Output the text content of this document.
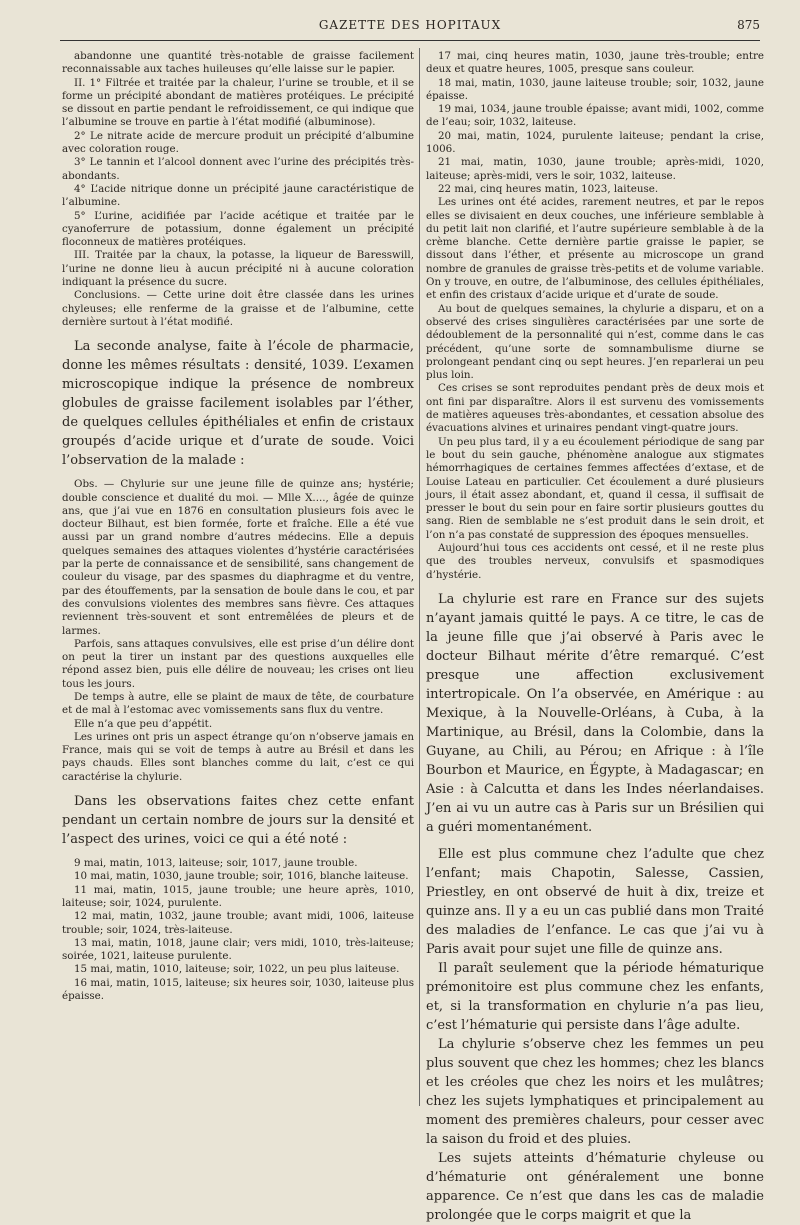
GAZETTE DES HOPITAUX	875

abandonne une quantité très-notable de graisse facilement reconnaissable aux taches huileuses qu’elle laisse sur le papier.

II. 1° Filtrée et traitée par la chaleur, l’urine se trouble, et il se forme un précipité abondant de matières protéiques. Le précipité se dissout en partie pendant le refroidissement, ce qui indique que l’albumine se trouve en partie à l’état modifié (albuminose).

2° Le nitrate acide de mercure produit un précipité d’albumine avec coloration rouge.

3° Le tannin et l’alcool donnent avec l’urine des précipités très-abondants.

4° L’acide nitrique donne un précipité jaune caractéristique de l’albumine.

5° L’urine, acidifiée par l’acide acétique et traitée par le cyanoferrure de potassium, donne également un précipité floconneux de matières protéiques.

III. Traitée par la chaux, la potasse, la liqueur de Baresswill, l’urine ne donne lieu à aucun précipité ni à aucune coloration indiquant la présence du sucre.

Conclusions. — Cette urine doit être classée dans les urines chyleuses; elle renferme de la graisse et de l’albumine, cette dernière surtout à l’état modifié.

La seconde analyse, faite à l’école de pharmacie, donne les mêmes résultats : densité, 1039. L’examen microscopique indique la présence de nombreux globules de graisse facilement isolables par l’éther, de quelques cellules épithéliales et enfin de cristaux groupés d’acide urique et d’urate de soude. Voici l’observation de la malade :

Obs. — Chylurie sur une jeune fille de quinze ans; hystérie; double conscience et dualité du moi. — Mlle X...., âgée de quinze ans, que j’ai vue en 1876 en consultation plusieurs fois avec le docteur Bilhaut, est bien formée, forte et fraîche. Elle a été vue aussi par un grand nombre d’autres médecins. Elle a depuis quelques semaines des attaques violentes d’hystérie caractérisées par la perte de connaissance et de sensibilité, sans changement de couleur du visage, par des spasmes du diaphragme et du ventre, par des étouffements, par la sensation de boule dans le cou, et par des convulsions violentes des membres sans fièvre. Ces attaques reviennent très-souvent et sont entremêlées de pleurs et de larmes.

Parfois, sans attaques convulsives, elle est prise d’un délire dont on peut la tirer un instant par des questions auxquelles elle répond assez bien, puis elle délire de nouveau; les crises ont lieu tous les jours.

De temps à autre, elle se plaint de maux de tête, de courbature et de mal à l’estomac avec vomissements sans flux du ventre.

Elle n’a que peu d’appétit.

Les urines ont pris un aspect étrange qu’on n’observe jamais en France, mais qui se voit de temps à autre au Brésil et dans les pays chauds. Elles sont blanches comme du lait, c’est ce qui caractérise la chylurie.

Dans les observations faites chez cette enfant pendant un certain nombre de jours sur la densité et l’aspect des urines, voici ce qui a été noté :

9 mai, matin, 1013, laiteuse; soir, 1017, jaune trouble.

10 mai, matin, 1030, jaune trouble; soir, 1016, blanche laiteuse.

11 mai, matin, 1015, jaune trouble; une heure après, 1010, laiteuse; soir, 1024, purulente.

12 mai, matin, 1032, jaune trouble; avant midi, 1006, laiteuse trouble; soir, 1024, très-laiteuse.

13 mai, matin, 1018, jaune clair; vers midi, 1010, très-laiteuse; soirée, 1021, laiteuse purulente.

15 mai, matin, 1010, laiteuse; soir, 1022, un peu plus laiteuse.

16 mai, matin, 1015, laiteuse; six heures soir, 1030, laiteuse plus épaisse.

17 mai, cinq heures matin, 1030, jaune très-trouble; entre deux et quatre heures, 1005, presque sans couleur.

18 mai, matin, 1030, jaune laiteuse trouble; soir, 1032, jaune épaisse.

19 mai, 1034, jaune trouble épaisse; avant midi, 1002, comme de l’eau; soir, 1032, laiteuse.

20 mai, matin, 1024, purulente laiteuse; pendant la crise, 1006.

21 mai, matin, 1030, jaune trouble; après-midi, 1020, laiteuse; après-midi, vers le soir, 1032, laiteuse.

22 mai, cinq heures matin, 1023, laiteuse.

Les urines ont été acides, rarement neutres, et par le repos elles se divisaient en deux couches, une inférieure semblable à du petit lait non clarifié, et l’autre supérieure semblable à de la crème blanche. Cette dernière partie graisse le papier, se dissout dans l’éther, et présente au microscope un grand nombre de granules de graisse très-petits et de volume variable. On y trouve, en outre, de l’albuminose, des cellules épithéliales, et enfin des cristaux d’acide urique et d’urate de soude.

Au bout de quelques semaines, la chylurie a disparu, et on a observé des crises singulières caractérisées par une sorte de dédoublement de la personnalité qui n’est, comme dans le cas précédent, qu’une sorte de somnambulisme diurne se prolongeant pendant cinq ou sept heures. J’en reparlerai un peu plus loin.

Ces crises se sont reproduites pendant près de deux mois et ont fini par disparaître. Alors il est survenu des vomissements de matières aqueuses très-abondantes, et cessation absolue des évacuations alvines et urinaires pendant vingt-quatre jours.

Un peu plus tard, il y a eu écoulement périodique de sang par le bout du sein gauche, phénomène analogue aux stigmates hémorrhagiques de certaines femmes affectées d’extase, et de Louise Lateau en particulier. Cet écoulement a duré plusieurs jours, il était assez abondant, et, quand il cessa, il suffisait de presser le bout du sein pour en faire sortir plusieurs gouttes du sang. Rien de semblable ne s’est produit dans le sein droit, et l’on n’a pas constaté de suppression des époques mensuelles.

Aujourd’hui tous ces accidents ont cessé, et il ne reste plus que des troubles nerveux, convulsifs et spasmodiques d’hystérie.

La chylurie est rare en France sur des sujets n’ayant jamais quitté le pays. A ce titre, le cas de la jeune fille que j’ai observé à Paris avec le docteur Bilhaut mérite d’être remarqué. C’est presque une affection exclusivement intertropicale. On l’a observée, en Amérique : au Mexique, à la Nouvelle-Orléans, à Cuba, à la Martinique, au Brésil, dans la Colombie, dans la Guyane, au Chili, au Pérou; en Afrique : à l’île Bourbon et Maurice, en Égypte, à Madagascar; en Asie : à Calcutta et dans les Indes néerlandaises. J’en ai vu un autre cas à Paris sur un Brésilien qui a guéri momentanément.

Elle est plus commune chez l’adulte que chez l’enfant; mais Chapotin, Salesse, Cassien, Priestley, en ont observé de huit à dix, treize et quinze ans. Il y a eu un cas publié dans mon Traité des maladies de l’enfance. Le cas que j’ai vu à Paris avait pour sujet une fille de quinze ans.

Il paraît seulement que la période hématurique prémonitoire est plus commune chez les enfants, et, si la transformation en chylurie n’a pas lieu, c’est l’hématurie qui persiste dans l’âge adulte.

La chylurie s’observe chez les femmes un peu plus souvent que chez les hommes; chez les blancs et les créoles que chez les noirs et les mulâtres; chez les sujets lymphatiques et principalement au moment des premières chaleurs, pour cesser avec la saison du froid et des pluies.

Les sujets atteints d’hématurie chyleuse ou d’hématurie ont généralement une bonne apparence. Ce n’est que dans les cas de maladie prolongée que le corps maigrit et que la
